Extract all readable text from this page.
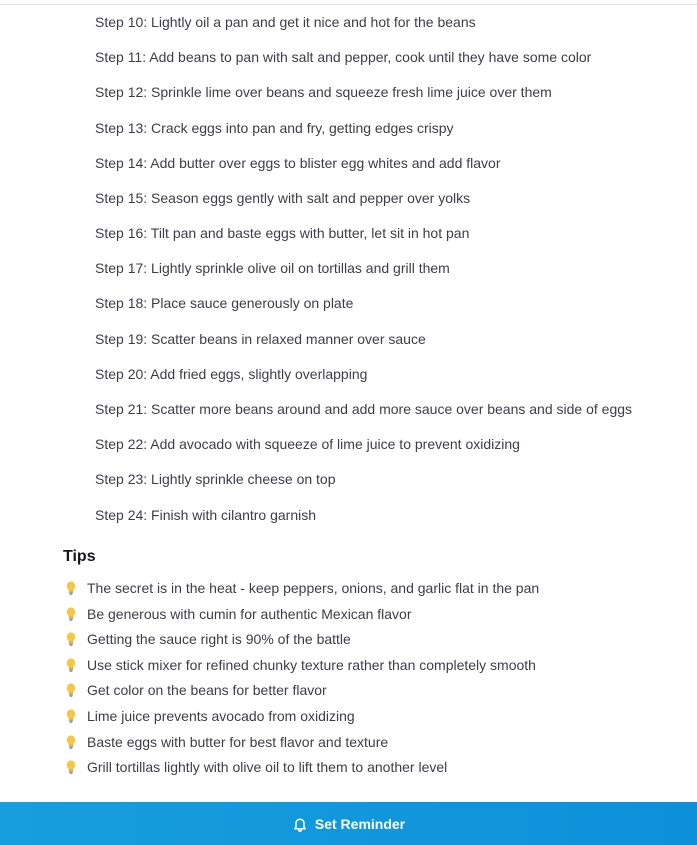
Step 10: Lightly oil a pan and get it nice and hot for the beans
Step 11: Add beans to pan with salt and pepper, cook until they have some color
Step 12: Sprinkle lime over beans and squeeze fresh lime juice over them
Step 13: Crack eggs into pan and fry, getting edges crispy
Step 14: Add butter over eggs to blister egg whites and add flavor
Step 15: Season eggs gently with salt and pepper over yolks
Step 16: Tilt pan and baste eggs with butter, let sit in hot pan
Step 17: Lightly sprinkle olive oil on tortillas and grill them
Step 18: Place sauce generously on plate
Step 19: Scatter beans in relaxed manner over sauce
Step 20: Add fried eggs, slightly overlapping
Step 21: Scatter more beans around and add more sauce over beans and side of eggs
Step 22: Add avocado with squeeze of lime juice to prevent oxidizing
Step 23: Lightly sprinkle cheese on top
Step 24: Finish with cilantro garnish
Tips
The secret is in the heat - keep peppers, onions, and garlic flat in the pan
Be generous with cumin for authentic Mexican flavor
Getting the sauce right is 90% of the battle
Use stick mixer for refined chunky texture rather than completely smooth
Get color on the beans for better flavor
Lime juice prevents avocado from oxidizing
Baste eggs with butter for best flavor and texture
Grill tortillas lightly with olive oil to lift them to another level
Set Reminder
